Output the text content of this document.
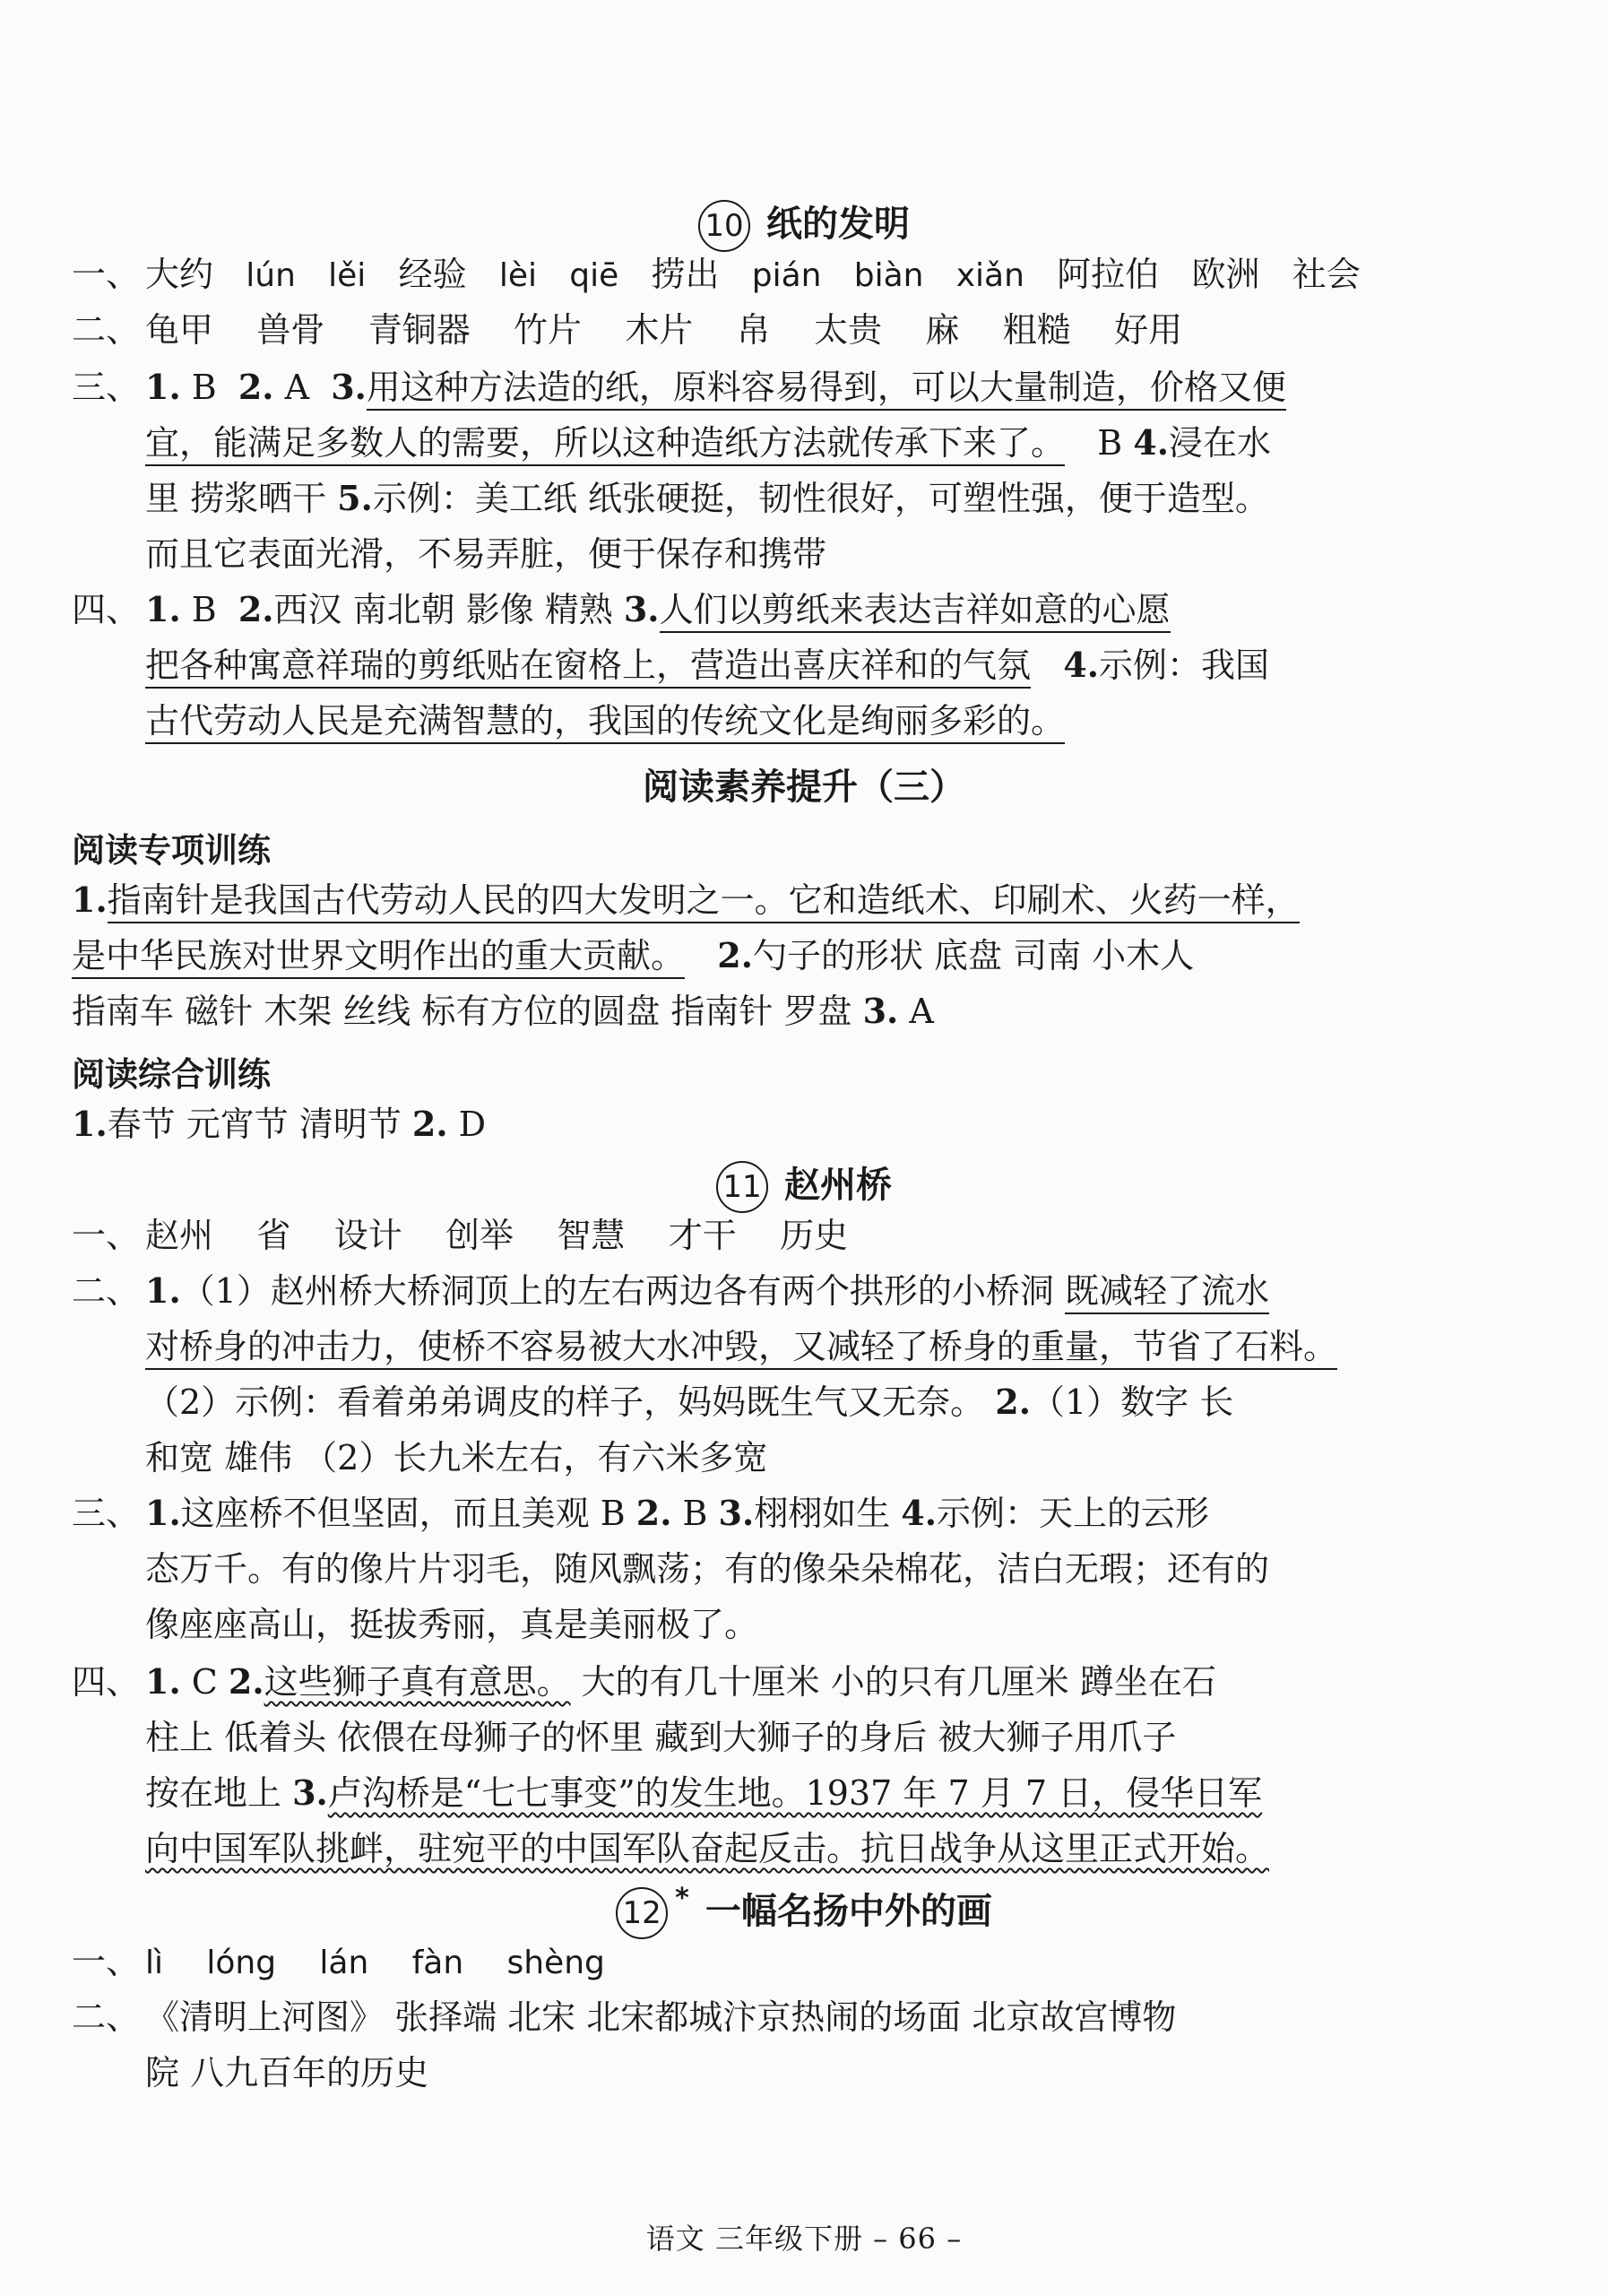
10 纸的发明
一、 大约 lún lěi 经验 lèi qiē 捞出 pián biàn xiǎn 阿拉伯 欧洲 社会
二、 龟甲 兽骨 青铜器 竹片 木片 帛 太贵 麻 粗糙 好用
三、 1. B  2. A  3.用这种方法造的纸，原料容易得到，可以大量制造，价格又便
宜，能满足多数人的需要，所以这种造纸方法就传承下来了。 B 4.浸在水
里 捞浆晒干 5.示例：美工纸 纸张硬挺，韧性很好，可塑性强，便于造型。
而且它表面光滑，不易弄脏，便于保存和携带
四、 1. B  2.西汉 南北朝 影像 精熟 3.人们以剪纸来表达吉祥如意的心愿
把各种寓意祥瑞的剪纸贴在窗格上，营造出喜庆祥和的气氛 4.示例：我国
古代劳动人民是充满智慧的，我国的传统文化是绚丽多彩的。
阅读素养提升（三）
阅读专项训练
1.指南针是我国古代劳动人民的四大发明之一。它和造纸术、印刷术、火药一样，
是中华民族对世界文明作出的重大贡献。 2.勺子的形状 底盘 司南 小木人
指南车 磁针 木架 丝线 标有方位的圆盘 指南针 罗盘 3. A
阅读综合训练
1.春节 元宵节 清明节 2. D
11 赵州桥
一、 赵州 省 设计 创举 智慧 才干 历史
二、 1.（1）赵州桥大桥洞顶上的左右两边各有两个拱形的小桥洞 既减轻了流水
对桥身的冲击力，使桥不容易被大水冲毁，又减轻了桥身的重量，节省了石料。
（2）示例：看着弟弟调皮的样子，妈妈既生气又无奈。 2.（1）数字 长
和宽 雄伟 （2）长九米左右，有六米多宽
三、 1.这座桥不但坚固，而且美观 B 2. B 3.栩栩如生 4.示例：天上的云形
态万千。有的像片片羽毛，随风飘荡；有的像朵朵棉花，洁白无瑕；还有的
像座座高山，挺拔秀丽，真是美丽极了。
四、 1. C 2.这些狮子真有意思。 大的有几十厘米 小的只有几厘米 蹲坐在石
柱上 低着头 依偎在母狮子的怀里 藏到大狮子的身后 被大狮子用爪子
按在地上 3.卢沟桥是“七七事变”的发生地。1937 年 7 月 7 日，侵华日军
向中国军队挑衅，驻宛平的中国军队奋起反击。抗日战争从这里正式开始。
12 * 一幅名扬中外的画
一、 lì lóng lán fàn shèng
二、 《清明上河图》 张择端 北宋 北宋都城汴京热闹的场面 北京故宫博物
院 八九百年的历史
语文 三年级下册 – 66 –
